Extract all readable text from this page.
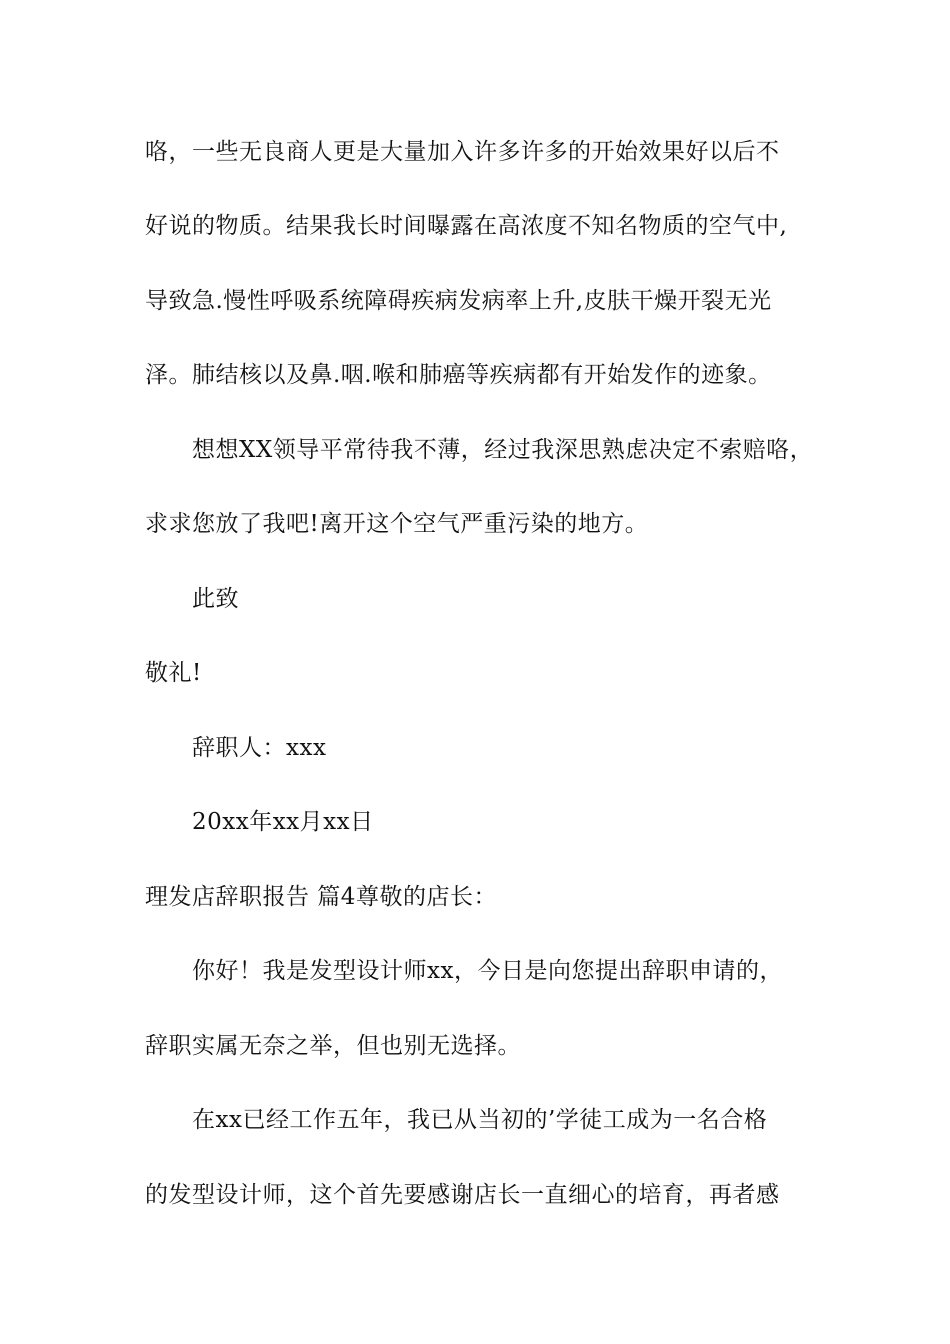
咯，一些无良商人更是大量加入许多许多的开始效果好以后不
好说的物质。结果我长时间曝露在高浓度不知名物质的空气中,
导致急.慢性呼吸系统障碍疾病发病率上升,皮肤干燥开裂无光
泽。肺结核以及鼻.咽.喉和肺癌等疾病都有开始发作的迹象。
想想XX领导平常待我不薄，经过我深思熟虑决定不索赔咯，
求求您放了我吧!离开这个空气严重污染的地方。
此致
敬礼!
辞职人：xxx
20xx年xx月xx日
理发店辞职报告 篇4尊敬的店长：
你好！我是发型设计师xx，今日是向您提出辞职申请的，
辞职实属无奈之举，但也别无选择。
在xx已经工作五年，我已从当初的’学徒工成为一名合格
的发型设计师，这个首先要感谢店长一直细心的培育，再者感
